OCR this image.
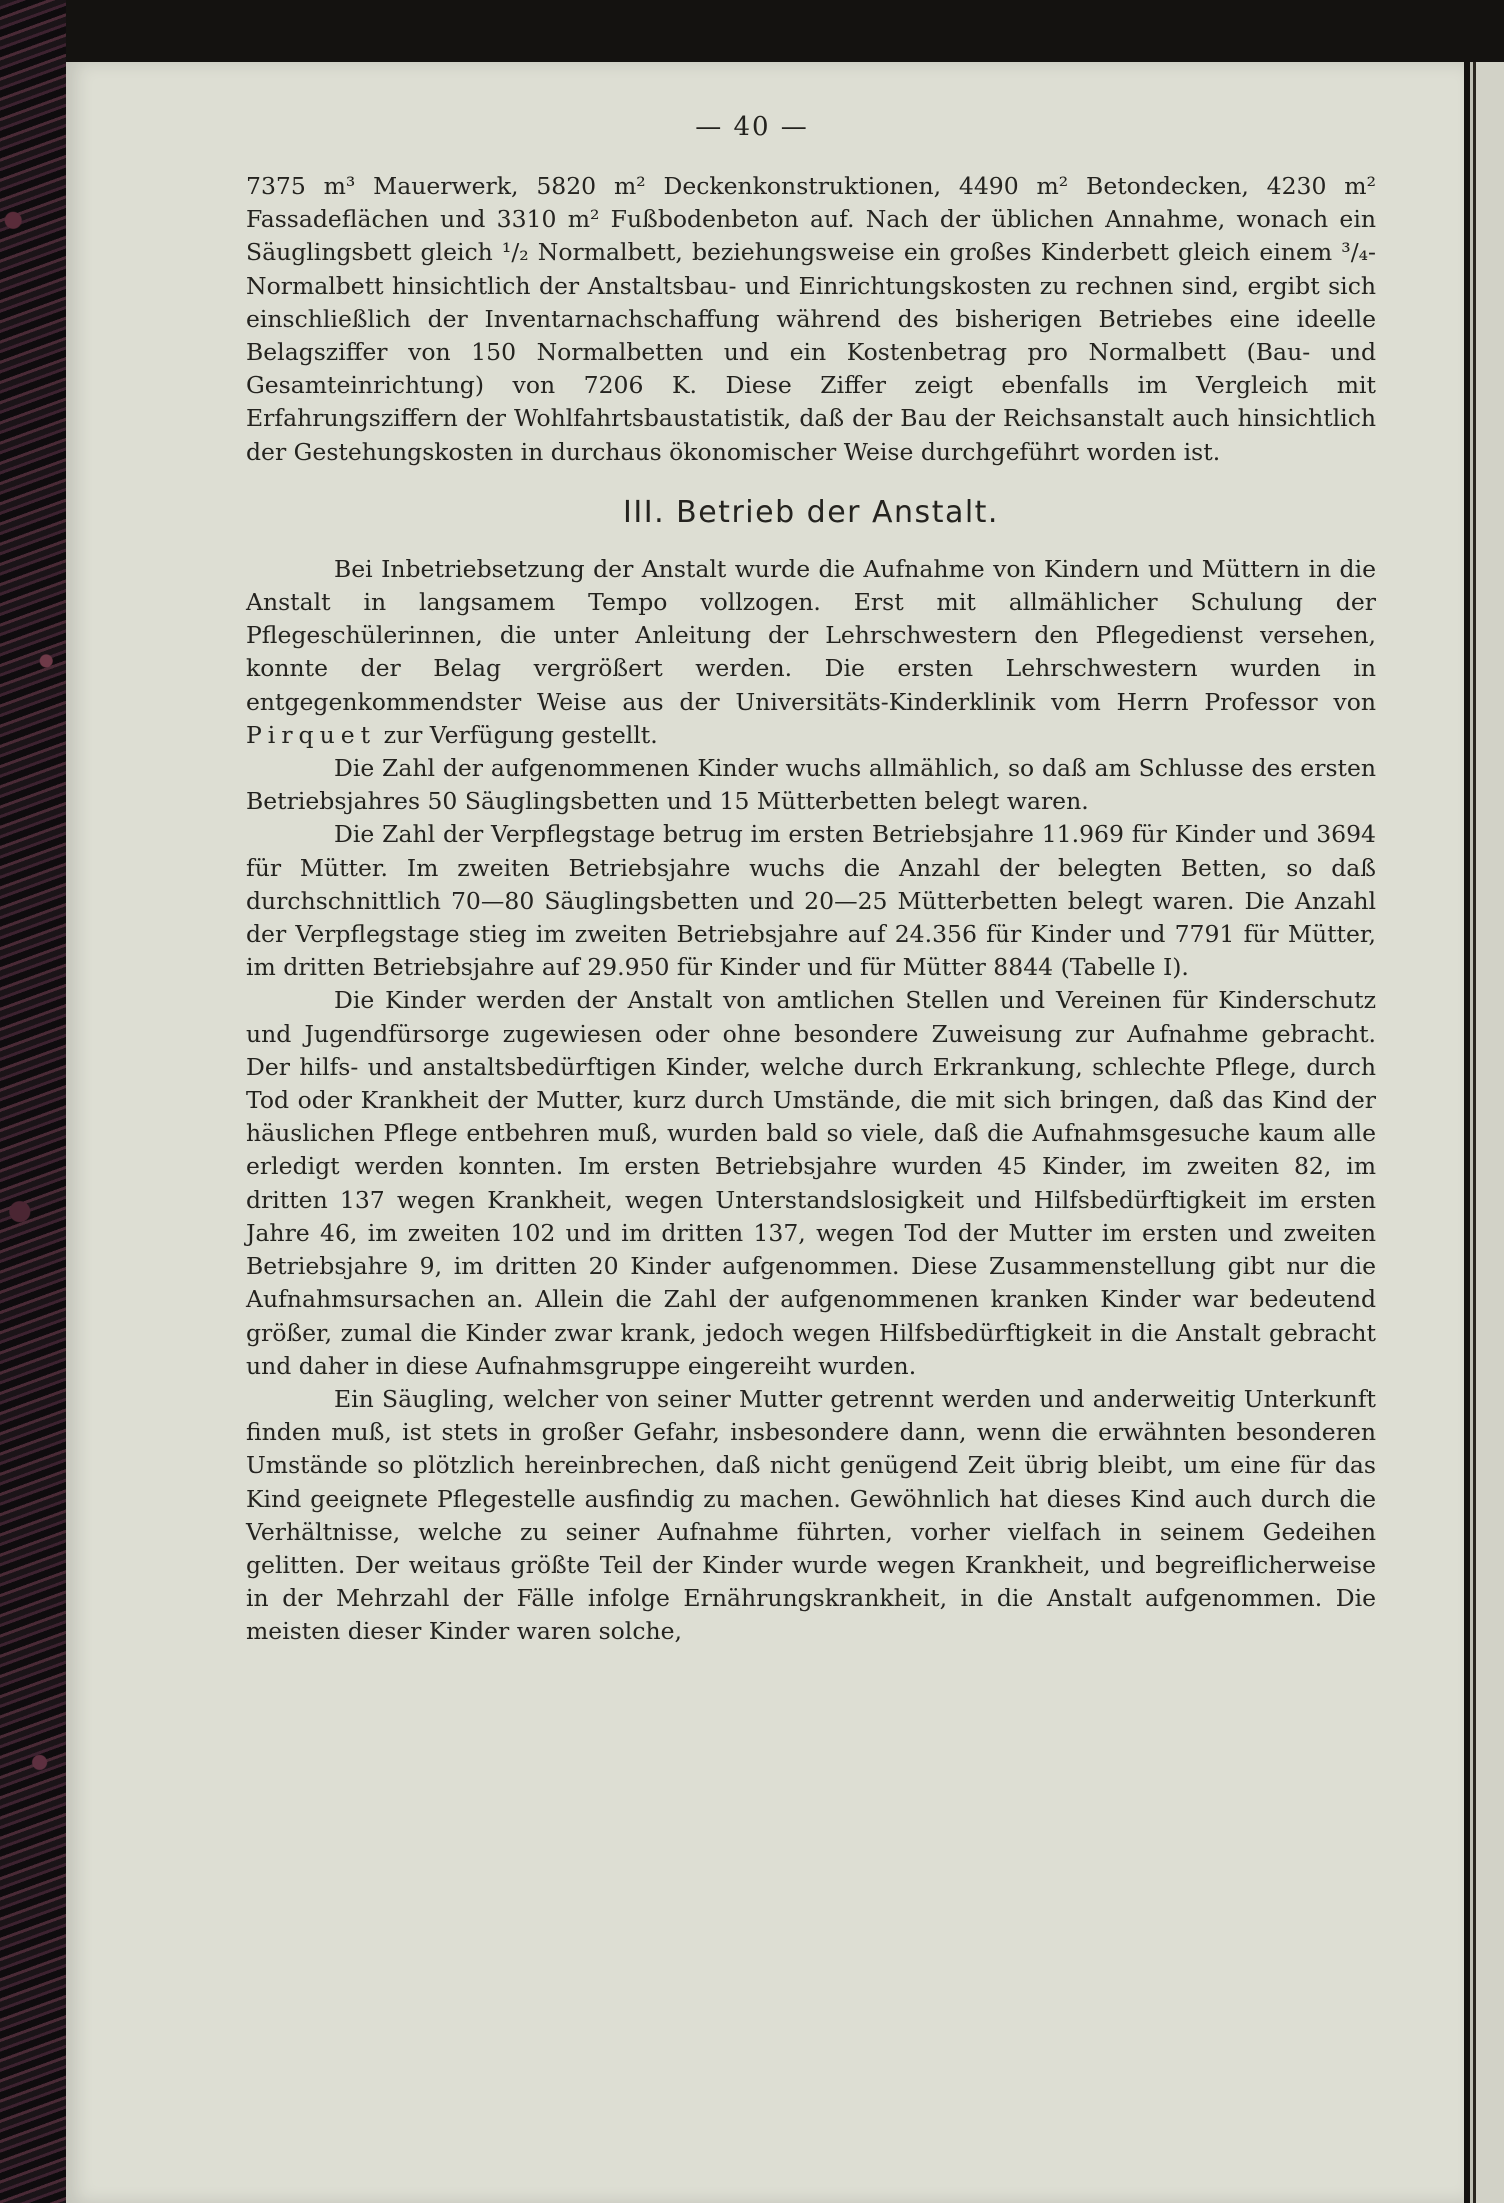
— 40 —

7375 m³ Mauerwerk, 5820 m² Deckenkonstruktionen, 4490 m² Betondecken, 4230 m² Fassadeflächen und 3310 m² Fußbodenbeton auf. Nach der üblichen Annahme, wonach ein Säuglingsbett gleich ¹/₂ Normalbett, beziehungsweise ein großes Kinderbett gleich einem ³/₄-Normalbett hinsichtlich der Anstaltsbau- und Einrichtungskosten zu rechnen sind, ergibt sich einschließlich der Inventarnachschaffung während des bisherigen Betriebes eine ideelle Belagsziffer von 150 Normalbetten und ein Kostenbetrag pro Normalbett (Bau- und Gesamteinrichtung) von 7206 K. Diese Ziffer zeigt ebenfalls im Vergleich mit Erfahrungsziffern der Wohlfahrtsbaustatistik, daß der Bau der Reichsanstalt auch hinsichtlich der Gestehungskosten in durchaus ökonomischer Weise durchgeführt worden ist.

III. Betrieb der Anstalt.

Bei Inbetriebsetzung der Anstalt wurde die Aufnahme von Kindern und Müttern in die Anstalt in langsamem Tempo vollzogen. Erst mit allmählicher Schulung der Pflegeschülerinnen, die unter Anleitung der Lehrschwestern den Pflegedienst versehen, konnte der Belag vergrößert werden. Die ersten Lehrschwestern wurden in entgegenkommendster Weise aus der Universitäts-Kinderklinik vom Herrn Professor von Pirquet zur Verfügung gestellt.

Die Zahl der aufgenommenen Kinder wuchs allmählich, so daß am Schlusse des ersten Betriebsjahres 50 Säuglingsbetten und 15 Mütterbetten belegt waren.

Die Zahl der Verpflegstage betrug im ersten Betriebsjahre 11.969 für Kinder und 3694 für Mütter. Im zweiten Betriebsjahre wuchs die Anzahl der belegten Betten, so daß durchschnittlich 70—80 Säuglingsbetten und 20—25 Mütterbetten belegt waren. Die Anzahl der Verpflegstage stieg im zweiten Betriebsjahre auf 24.356 für Kinder und 7791 für Mütter, im dritten Betriebsjahre auf 29.950 für Kinder und für Mütter 8844 (Tabelle I).

Die Kinder werden der Anstalt von amtlichen Stellen und Vereinen für Kinderschutz und Jugendfürsorge zugewiesen oder ohne besondere Zuweisung zur Aufnahme gebracht. Der hilfs- und anstaltsbedürftigen Kinder, welche durch Erkrankung, schlechte Pflege, durch Tod oder Krankheit der Mutter, kurz durch Umstände, die mit sich bringen, daß das Kind der häuslichen Pflege entbehren muß, wurden bald so viele, daß die Aufnahmsgesuche kaum alle erledigt werden konnten. Im ersten Betriebsjahre wurden 45 Kinder, im zweiten 82, im dritten 137 wegen Krankheit, wegen Unterstandslosigkeit und Hilfsbedürftigkeit im ersten Jahre 46, im zweiten 102 und im dritten 137, wegen Tod der Mutter im ersten und zweiten Betriebsjahre 9, im dritten 20 Kinder aufgenommen. Diese Zusammenstellung gibt nur die Aufnahmsursachen an. Allein die Zahl der aufgenommenen kranken Kinder war bedeutend größer, zumal die Kinder zwar krank, jedoch wegen Hilfsbedürftigkeit in die Anstalt gebracht und daher in diese Aufnahmsgruppe eingereiht wurden.

Ein Säugling, welcher von seiner Mutter getrennt werden und anderweitig Unterkunft finden muß, ist stets in großer Gefahr, insbesondere dann, wenn die erwähnten besonderen Umstände so plötzlich hereinbrechen, daß nicht genügend Zeit übrig bleibt, um eine für das Kind geeignete Pflegestelle ausfindig zu machen. Gewöhnlich hat dieses Kind auch durch die Verhältnisse, welche zu seiner Aufnahme führten, vorher vielfach in seinem Gedeihen gelitten. Der weitaus größte Teil der Kinder wurde wegen Krankheit, und begreiflicherweise in der Mehrzahl der Fälle infolge Ernährungskrankheit, in die Anstalt aufgenommen. Die meisten dieser Kinder waren solche,
